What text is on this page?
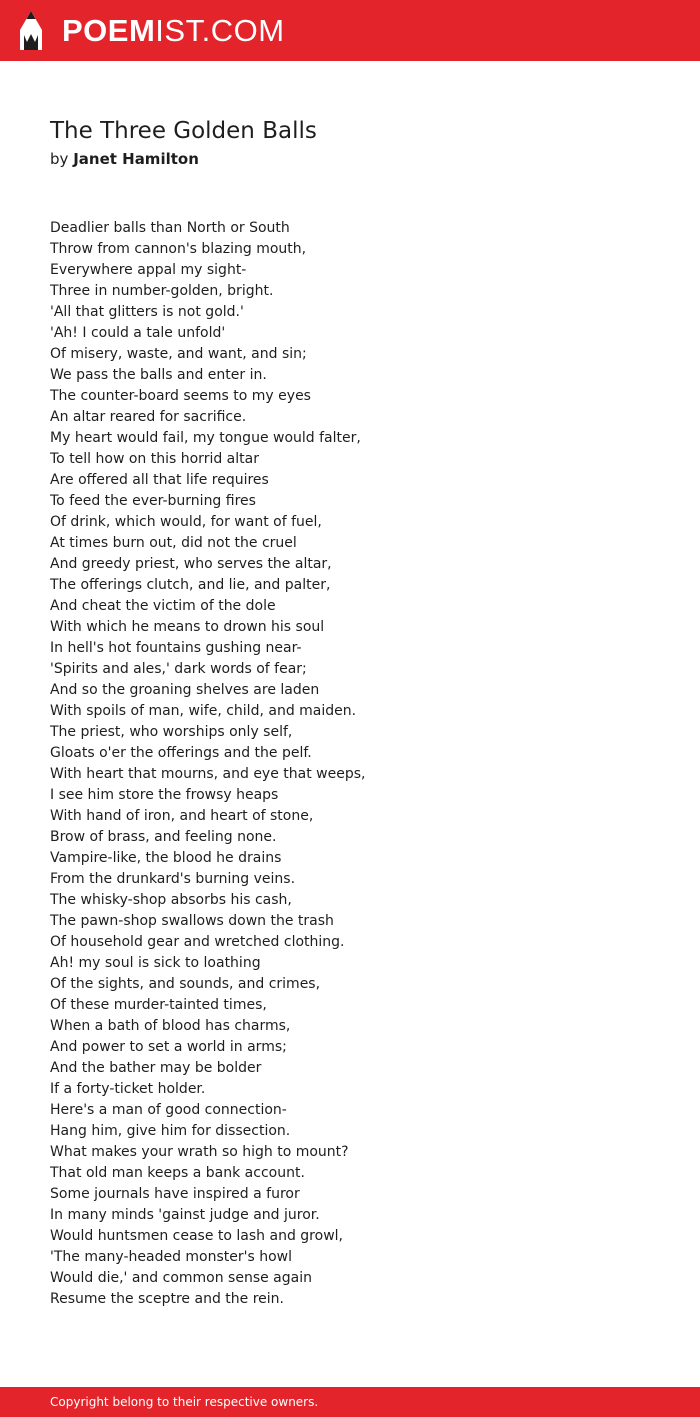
POEMIST.COM
The Three Golden Balls
by Janet Hamilton
Deadlier balls than North or South
Throw from cannon's blazing mouth,
Everywhere appal my sight-
Three in number-golden, bright.
'All that glitters is not gold.'
'Ah! I could a tale unfold'
Of misery, waste, and want, and sin;
We pass the balls and enter in.
The counter-board seems to my eyes
An altar reared for sacrifice.
My heart would fail, my tongue would falter,
To tell how on this horrid altar
Are offered all that life requires
To feed the ever-burning fires
Of drink, which would, for want of fuel,
At times burn out, did not the cruel
And greedy priest, who serves the altar,
The offerings clutch, and lie, and palter,
And cheat the victim of the dole
With which he means to drown his soul
In hell's hot fountains gushing near-
'Spirits and ales,' dark words of fear;
And so the groaning shelves are laden
With spoils of man, wife, child, and maiden.
The priest, who worships only self,
Gloats o'er the offerings and the pelf.
With heart that mourns, and eye that weeps,
I see him store the frowsy heaps
With hand of iron, and heart of stone,
Brow of brass, and feeling none.
Vampire-like, the blood he drains
From the drunkard's burning veins.
The whisky-shop absorbs his cash,
The pawn-shop swallows down the trash
Of household gear and wretched clothing.
Ah! my soul is sick to loathing
Of the sights, and sounds, and crimes,
Of these murder-tainted times,
When a bath of blood has charms,
And power to set a world in arms;
And the bather may be bolder
If a forty-ticket holder.
Here's a man of good connection-
Hang him, give him for dissection.
What makes your wrath so high to mount?
That old man keeps a bank account.
Some journals have inspired a furor
In many minds 'gainst judge and juror.
Would huntsmen cease to lash and growl,
'The many-headed monster's howl
Would die,' and common sense again
Resume the sceptre and the rein.
Copyright belong to their respective owners.
